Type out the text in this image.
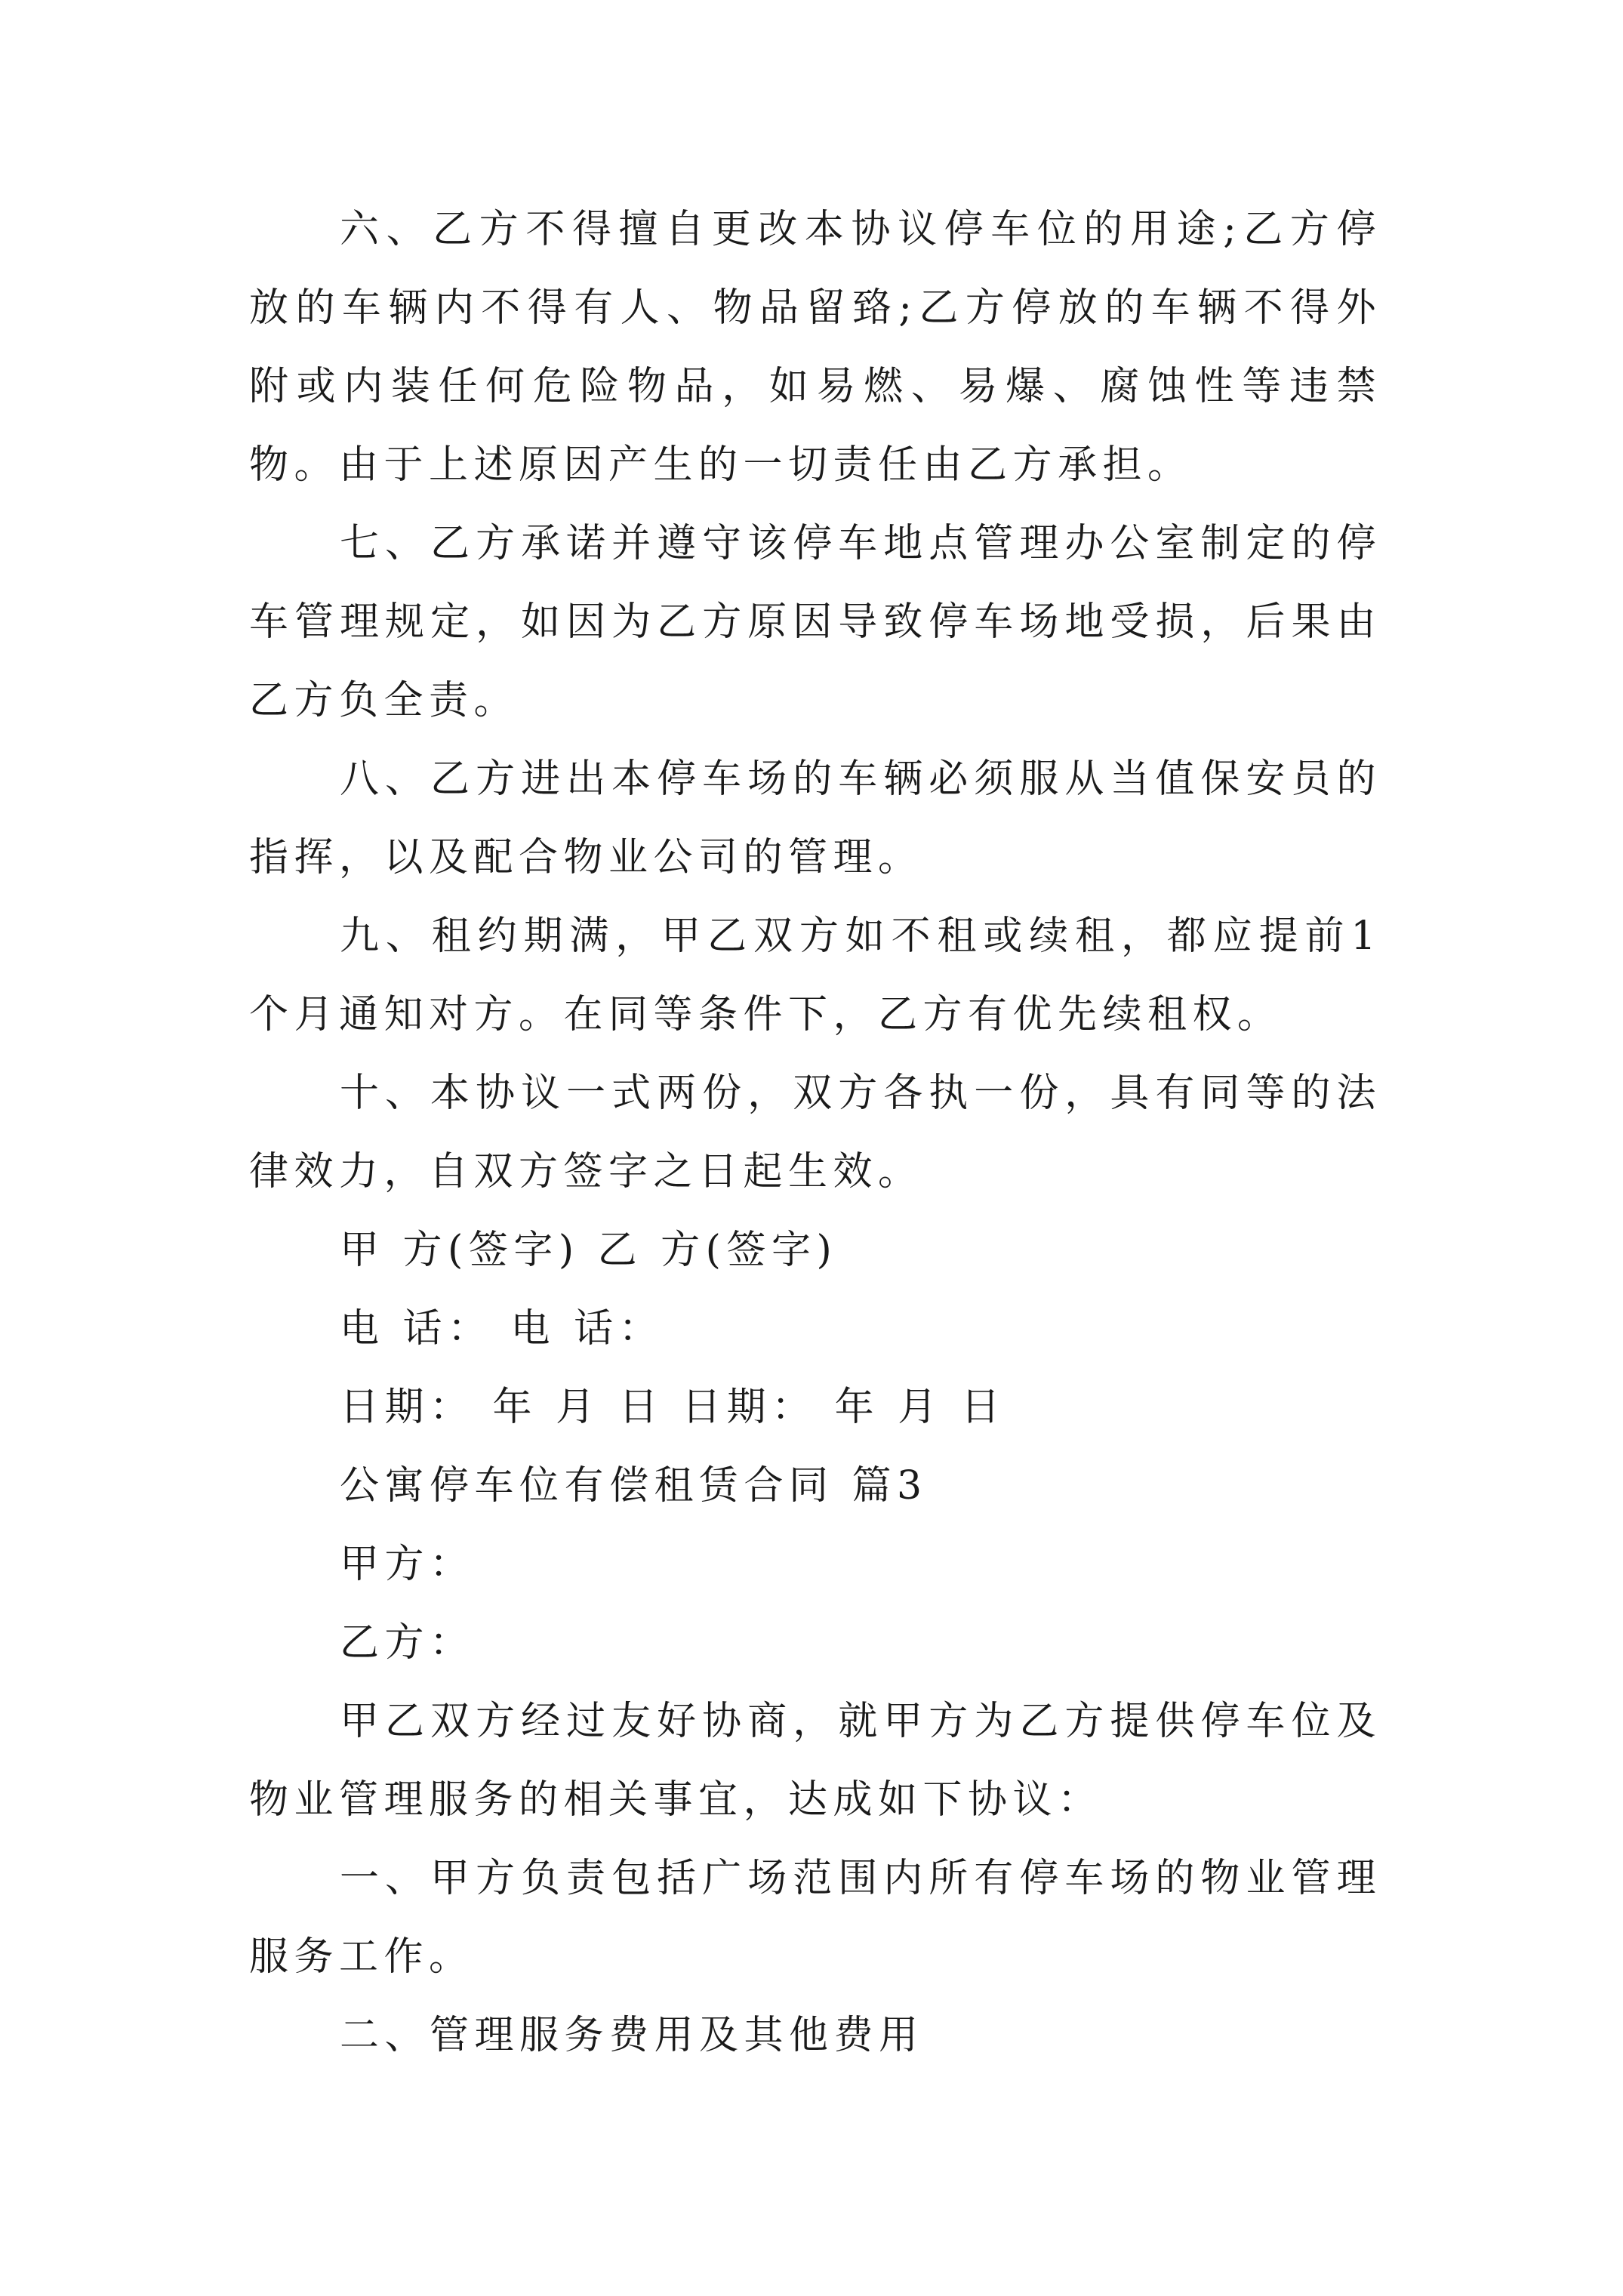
六、乙方不得擅自更改本协议停车位的用途;乙方停放的车辆内不得有人、物品留臵;乙方停放的车辆不得外附或内装任何危险物品，如易燃、易爆、腐蚀性等违禁物。由于上述原因产生的一切责任由乙方承担。

七、乙方承诺并遵守该停车地点管理办公室制定的停车管理规定，如因为乙方原因导致停车场地受损，后果由乙方负全责。

八、乙方进出本停车场的车辆必须服从当值保安员的指挥，以及配合物业公司的管理。

九、租约期满，甲乙双方如不租或续租，都应提前1个月通知对方。在同等条件下，乙方有优先续租权。

十、本协议一式两份，双方各执一份，具有同等的法律效力，自双方签字之日起生效。

甲 方(签字) 乙 方(签字)

电 话： 电 话：

日期： 年 月 日 日期： 年 月 日

公寓停车位有偿租赁合同 篇3

甲方：

乙方：

甲乙双方经过友好协商，就甲方为乙方提供停车位及物业管理服务的相关事宜，达成如下协议：

一、甲方负责包括广场范围内所有停车场的物业管理服务工作。

二、管理服务费用及其他费用
